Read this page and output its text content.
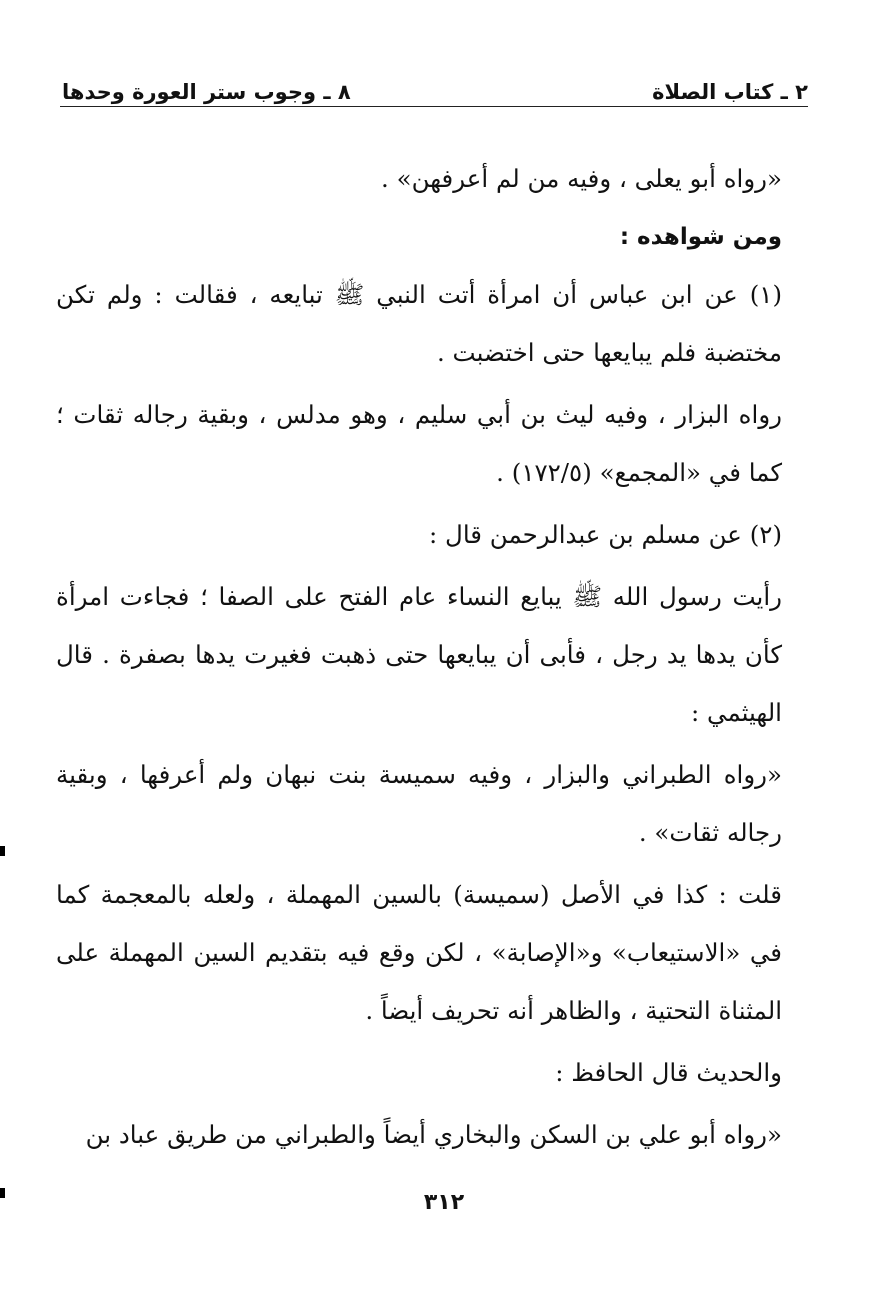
٢ ـ كتاب الصلاة
٨ ـ وجوب ستر العورة وحدها

«رواه أبو يعلى ، وفيه من لم أعرفهن» .

ومن شواهده :

(١) عن ابن عباس أن امرأة أتت النبي ﷺ تبايعه ، فقالت : ولم تكن مختضبة فلم يبايعها حتى اختضبت .

رواه البزار ، وفيه ليث بن أبي سليم ، وهو مدلس ، وبقية رجاله ثقات ؛ كما في «المجمع» (١٧٢/٥) .

(٢) عن مسلم بن عبدالرحمن قال :

رأيت رسول الله ﷺ يبايع النساء عام الفتح على الصفا ؛ فجاءت امرأة كأن يدها يد رجل ، فأبى أن يبايعها حتى ذهبت فغيرت يدها بصفرة . قال الهيثمي :

«رواه الطبراني والبزار ، وفيه سميسة بنت نبهان ولم أعرفها ، وبقية رجاله ثقات» .

قلت : كذا في الأصل (سميسة) بالسين المهملة ، ولعله بالمعجمة كما في «الاستيعاب» و«الإصابة» ، لكن وقع فيه بتقديم السين المهملة على المثناة التحتية ، والظاهر أنه تحريف أيضاً .

والحديث قال الحافظ :

«رواه أبو علي بن السكن والبخاري أيضاً والطبراني من طريق عباد بن

٣١٢
